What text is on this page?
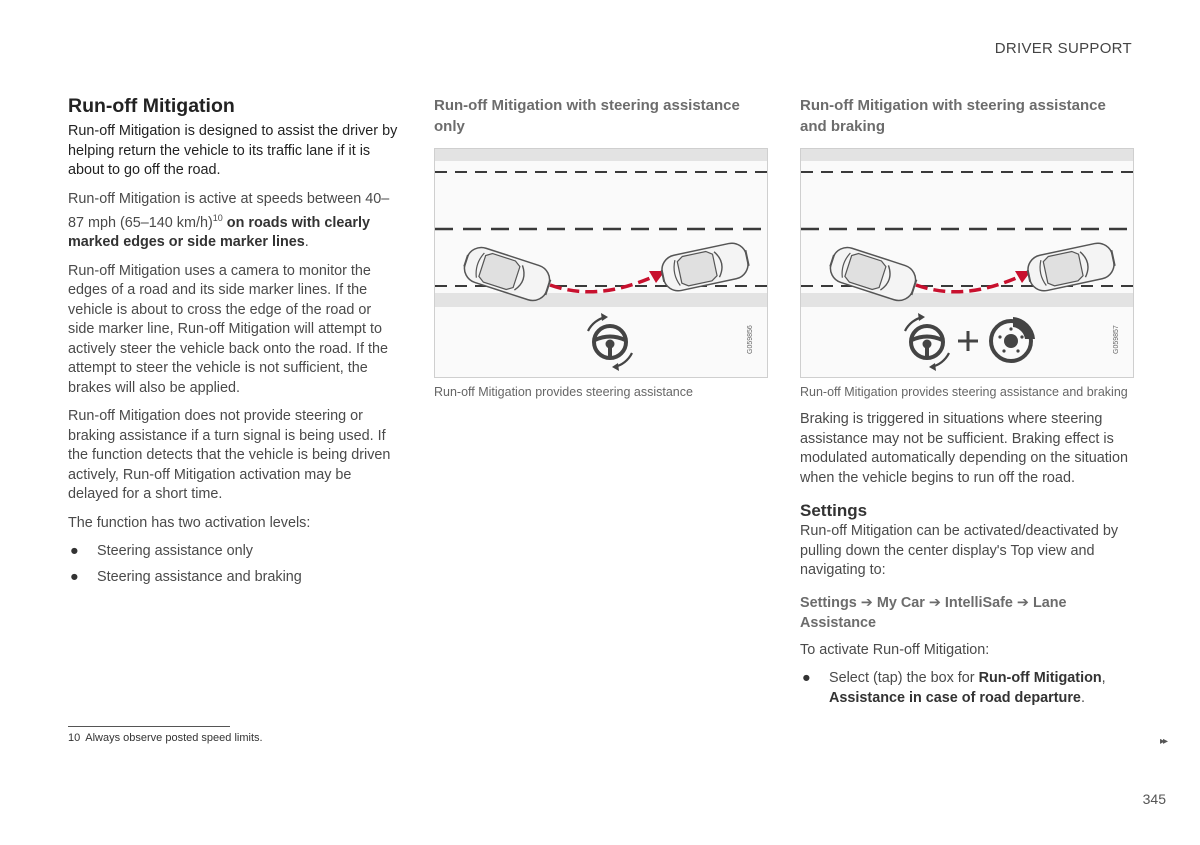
DRIVER SUPPORT
Run-off Mitigation

Run-off Mitigation is designed to assist the driver by helping return the vehicle to its traffic lane if it is about to go off the road.

Run-off Mitigation is active at speeds between 40–87 mph (65–140 km/h)$^{10}$ on roads with clearly marked edges or side marker lines.

Run-off Mitigation uses a camera to monitor the edges of a road and its side marker lines. If the vehicle is about to cross the edge of the road or side marker line, Run-off Mitigation will attempt to actively steer the vehicle back onto the road. If the attempt to steer the vehicle is not sufficient, the brakes will also be applied.

Run-off Mitigation does not provide steering or braking assistance if a turn signal is being used. If the function detects that the vehicle is being driven actively, Run-off Mitigation activation may be delayed for a short time.

The function has two activation levels:

● Steering assistance only
● Steering assistance and braking
Run-off Mitigation with steering assistance only
G059856
Run-off Mitigation provides steering assistance
Run-off Mitigation with steering assistance and braking
G059857
Run-off Mitigation provides steering assistance and braking

Braking is triggered in situations where steering assistance may not be sufficient. Braking effect is modulated automatically depending on the situation when the vehicle begins to run off the road.

Settings

Run-off Mitigation can be activated/deactivated by pulling down the center display's Top view and navigating to:

Settings ➔ My Car ➔ IntelliSafe ➔ Lane Assistance

To activate Run-off Mitigation:

● Select (tap) the box for Run-off Mitigation, Assistance in case of road departure.
10 Always observe posted speed limits.	▸▸
345
